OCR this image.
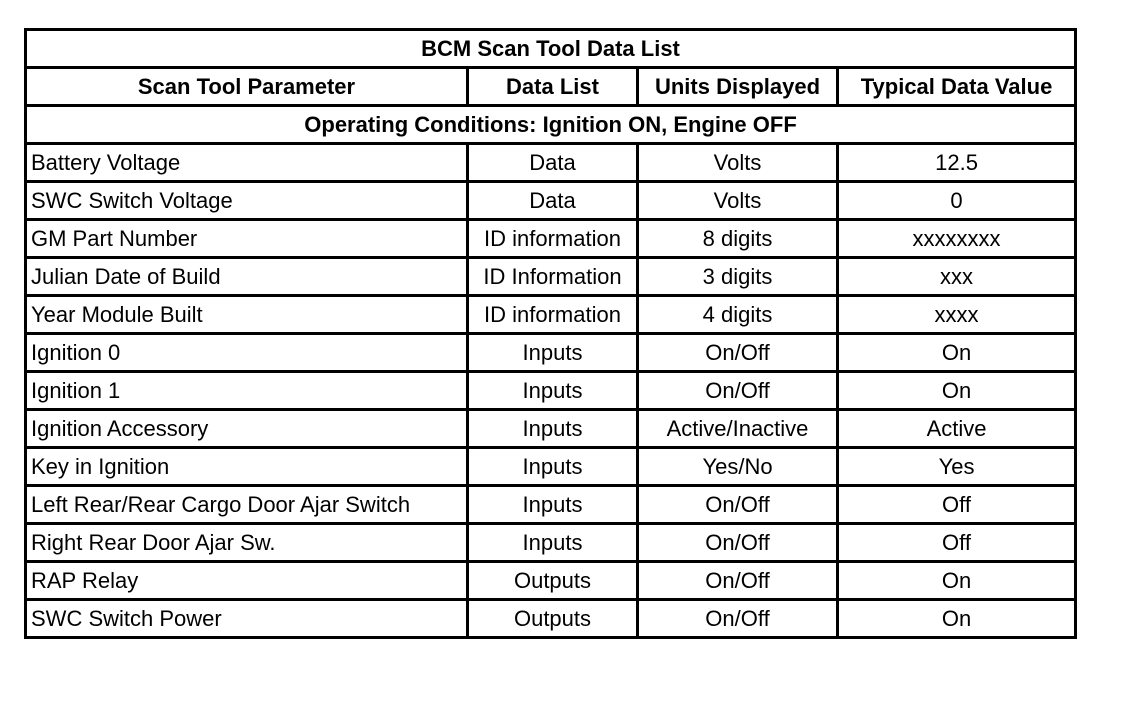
BCM Scan Tool Data List			
Scan Tool Parameter	Data List	Units Displayed	Typical Data Value
Operating Conditions: Ignition ON, Engine OFF			
Battery Voltage	Data	Volts	12.5
SWC Switch Voltage	Data	Volts	0
GM Part Number	ID information	8 digits	xxxxxxxx
Julian Date of Build	ID Information	3 digits	xxx
Year Module Built	ID information	4 digits	xxxx
Ignition 0	Inputs	On/Off	On
Ignition 1	Inputs	On/Off	On
Ignition Accessory	Inputs	Active/Inactive	Active
Key in Ignition	Inputs	Yes/No	Yes
Left Rear/Rear Cargo Door Ajar Switch	Inputs	On/Off	Off
Right Rear Door Ajar Sw.	Inputs	On/Off	Off
RAP Relay	Outputs	On/Off	On
SWC Switch Power	Outputs	On/Off	On
